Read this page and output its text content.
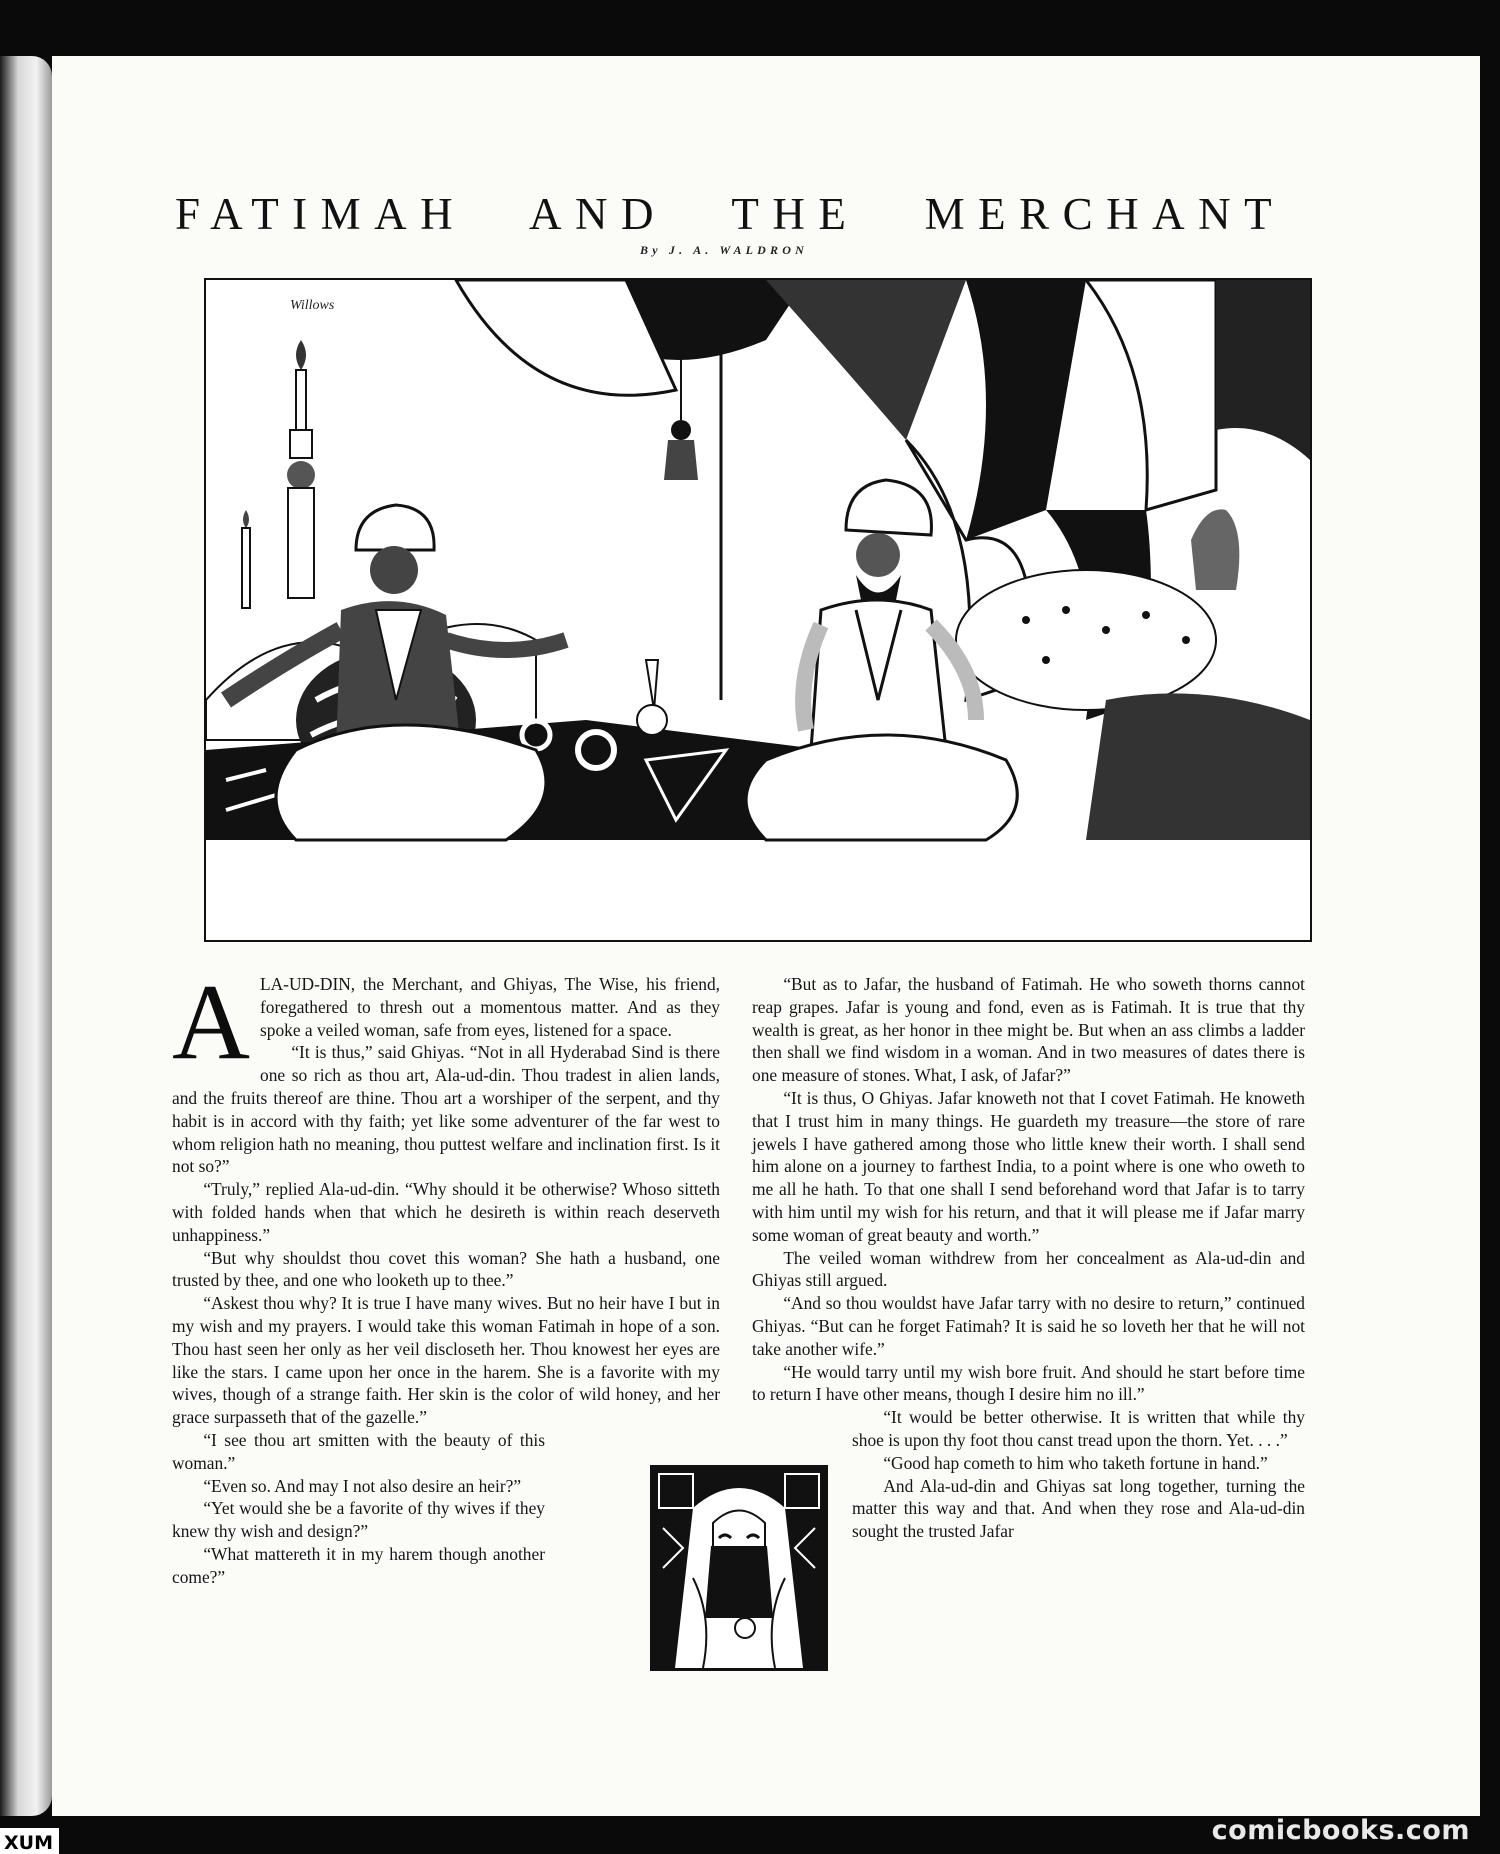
FATIMAH AND THE MERCHANT
By J. A. WALDRON
Willows
A LA-UD-DIN, the Merchant, and Ghiyas, The Wise, his friend, foregathered to thresh out a momentous matter. And as they spoke a veiled woman, safe from eyes, listened for a space.

“It is thus,” said Ghiyas. “Not in all Hyderabad Sind is there one so rich as thou art, Ala-ud-din. Thou tradest in alien lands, and the fruits thereof are thine. Thou art a worshiper of the serpent, and thy habit is in accord with thy faith; yet like some adventurer of the far west to whom religion hath no meaning, thou puttest welfare and inclination first. Is it not so?”

“Truly,” replied Ala-ud-din. “Why should it be otherwise? Whoso sitteth with folded hands when that which he desireth is within reach deserveth unhappiness.”

“But why shouldst thou covet this woman? She hath a husband, one trusted by thee, and one who looketh up to thee.”

“Askest thou why? It is true I have many wives. But no heir have I but in my wish and my prayers. I would take this woman Fatimah in hope of a son. Thou hast seen her only as her veil discloseth her. Thou knowest her eyes are like the stars. I came upon her once in the harem. She is a favorite with my wives, though of a strange faith. Her skin is the color of wild honey, and her grace surpasseth that of the gazelle.”

“I see thou art smitten with the beauty of this woman.”

“Even so. And may I not also desire an heir?”

“Yet would she be a favorite of thy wives if they knew thy wish and design?”

“What mattereth it in my harem though another come?”

“But as to Jafar, the husband of Fatimah. He who soweth thorns cannot reap grapes. Jafar is young and fond, even as is Fatimah. It is true that thy wealth is great, as her honor in thee might be. But when an ass climbs a ladder then shall we find wisdom in a woman. And in two measures of dates there is one measure of stones. What, I ask, of Jafar?”

“It is thus, O Ghiyas. Jafar knoweth not that I covet Fatimah. He knoweth that I trust him in many things. He guardeth my treasure—the store of rare jewels I have gathered among those who little knew their worth. I shall send him alone on a journey to farthest India, to a point where is one who oweth to me all he hath. To that one shall I send beforehand word that Jafar is to tarry with him until my wish for his return, and that it will please me if Jafar marry some woman of great beauty and worth.”

The veiled woman withdrew from her concealment as Ala-ud-din and Ghiyas still argued.

“And so thou wouldst have Jafar tarry with no desire to return,” continued Ghiyas. “But can he forget Fatimah? It is said he so loveth her that he will not take another wife.”

“He would tarry until my wish bore fruit. And should he start before time to return I have other means, though I desire him no ill.”

“It would be better otherwise. It is written that while thy shoe is upon thy foot thou canst tread upon the thorn. Yet. . . .”

“Good hap cometh to him who taketh fortune in hand.”

And Ala-ud-din and Ghiyas sat long together, turning the matter this way and that. And when they rose and Ala-ud-din sought the trusted Jafar

comicbooks.com
XUM
